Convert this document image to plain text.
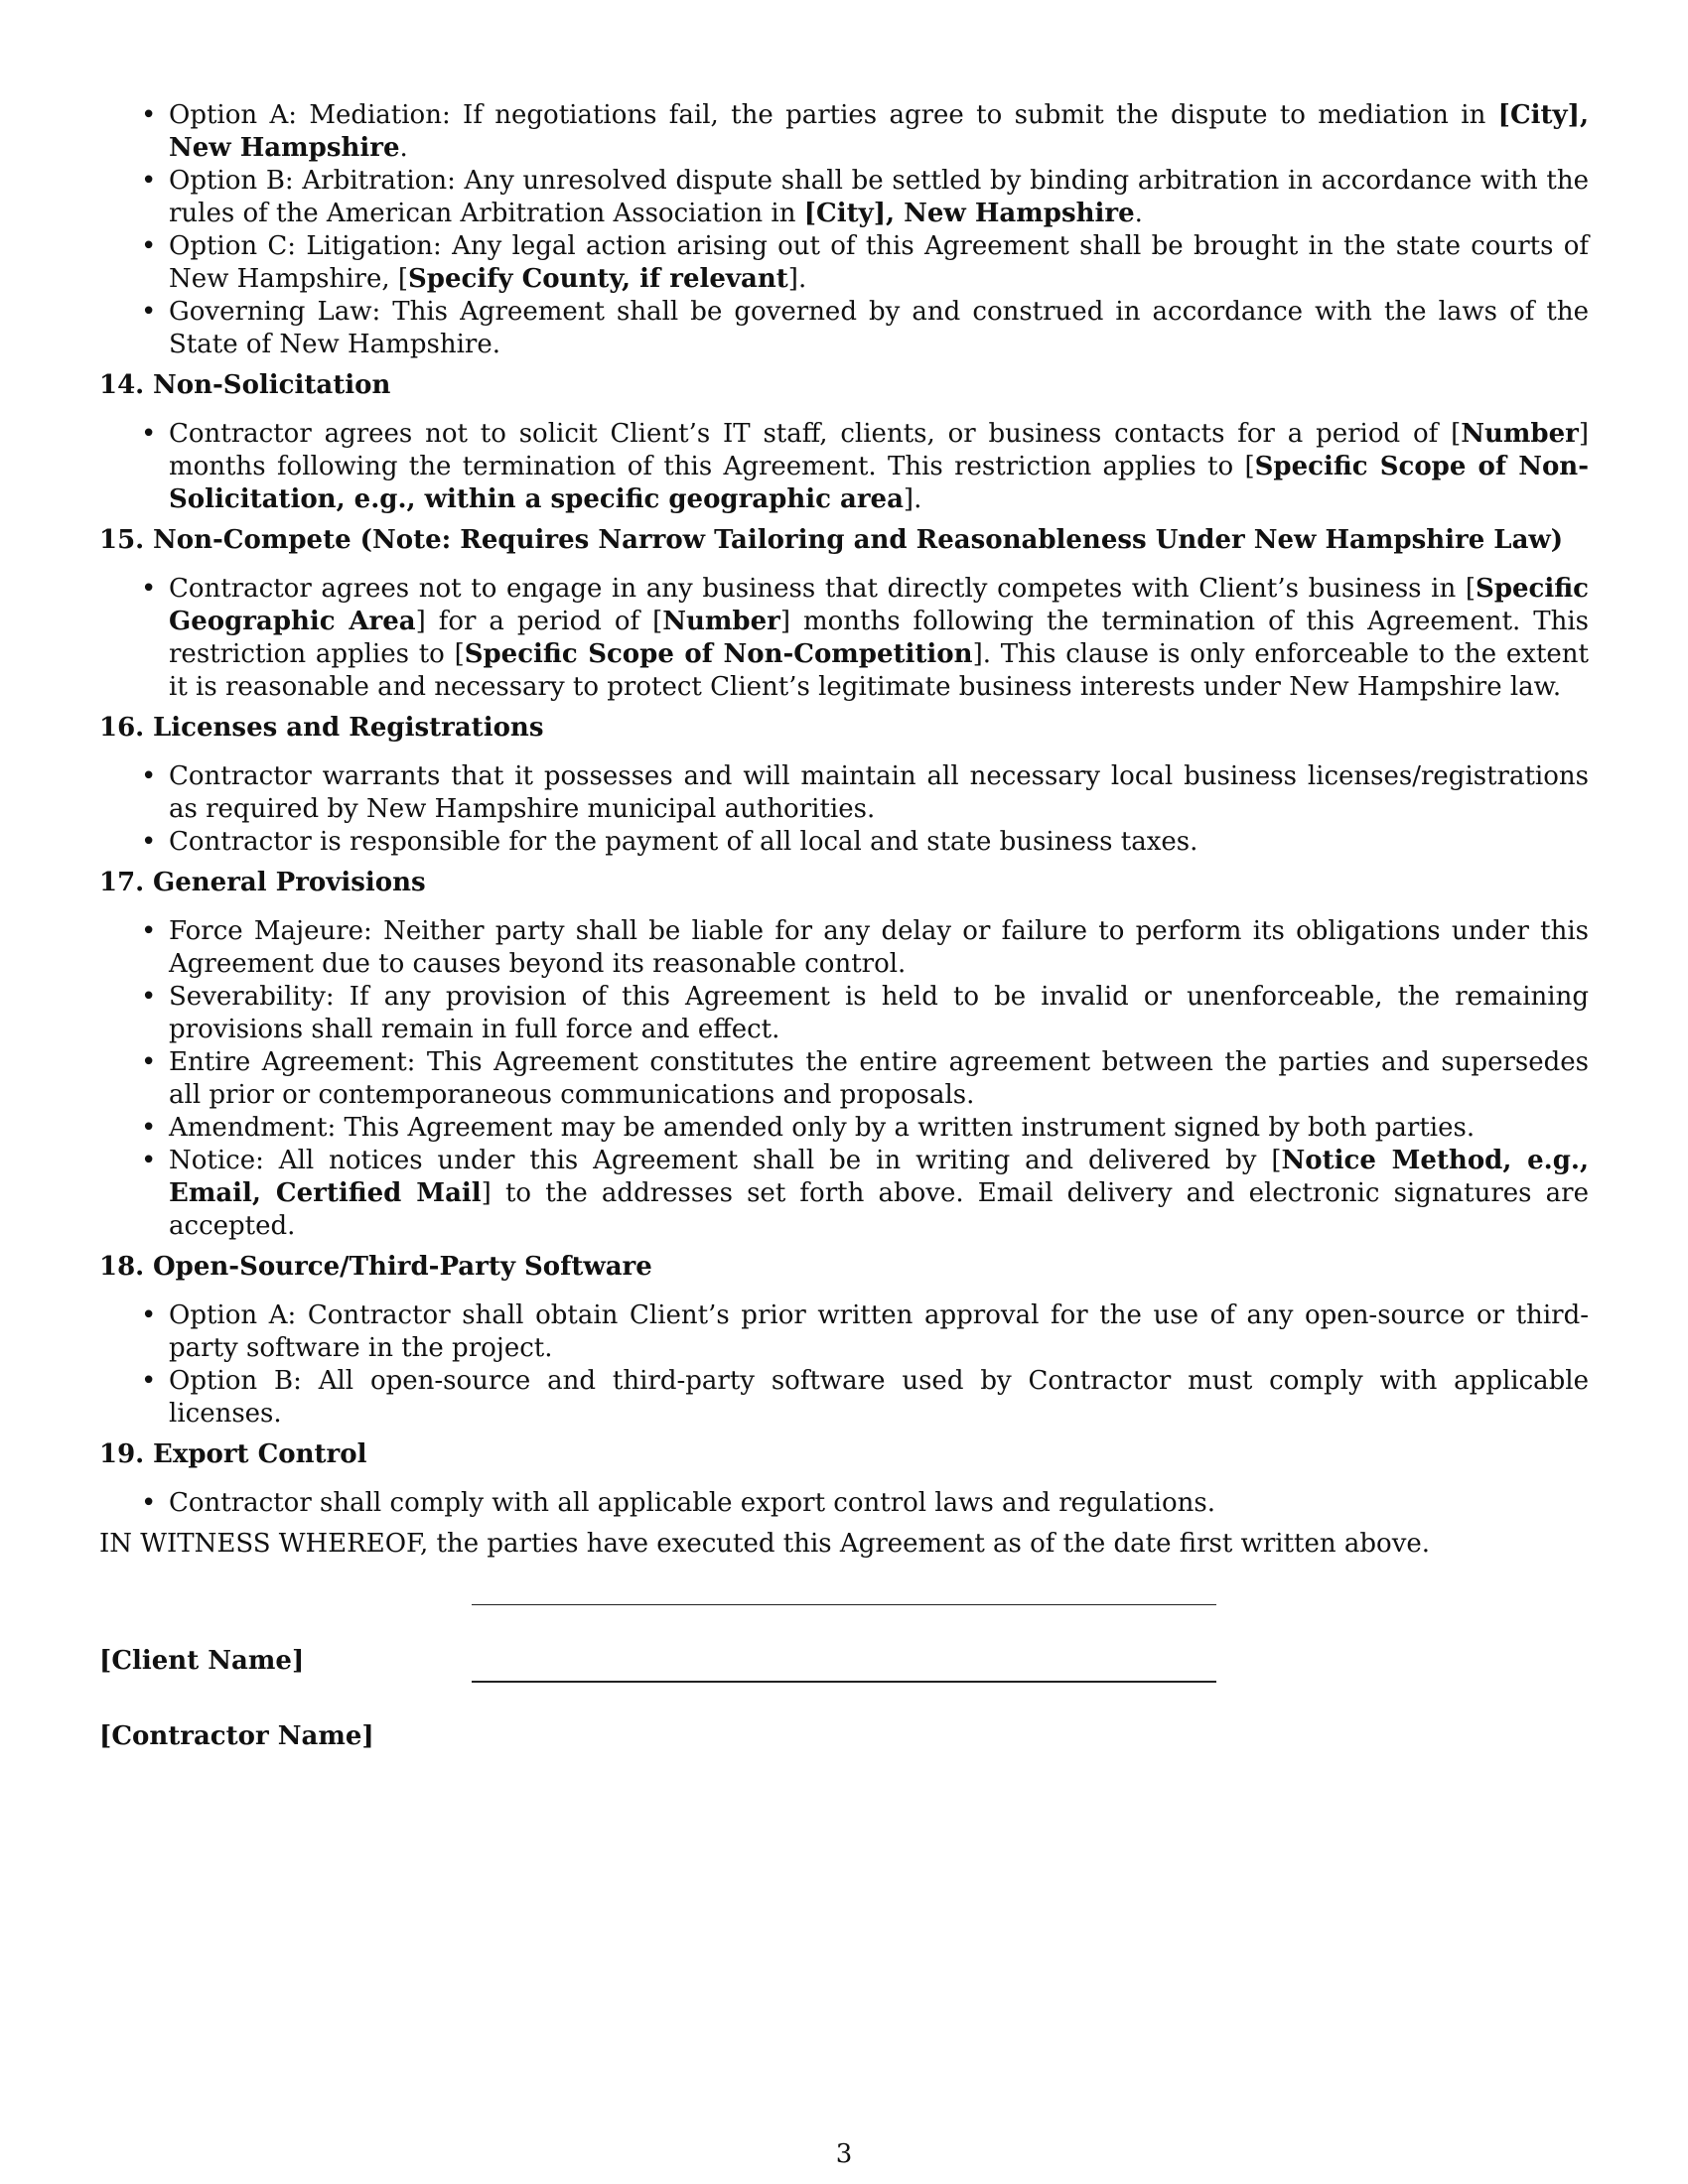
• Option A: Mediation: If negotiations fail, the parties agree to submit the dispute to mediation in [City], New Hampshire.
• Option B: Arbitration: Any unresolved dispute shall be settled by binding arbitration in accordance with the rules of the American Arbitration Association in [City], New Hampshire.
• Option C: Litigation: Any legal action arising out of this Agreement shall be brought in the state courts of New Hampshire, [Specify County, if relevant].
• Governing Law: This Agreement shall be governed by and construed in accordance with the laws of the State of New Hampshire.
14. Non-Solicitation
• Contractor agrees not to solicit Client’s IT staff, clients, or business contacts for a period of [Number] months following the termination of this Agreement. This restriction applies to [Specific Scope of Non-Solicitation, e.g., within a specific geographic area].
15. Non-Compete (Note: Requires Narrow Tailoring and Reasonableness Under New Hampshire Law)
• Contractor agrees not to engage in any business that directly competes with Client’s business in [Specific Geographic Area] for a period of [Number] months following the termination of this Agreement. This restriction applies to [Specific Scope of Non-Competition]. This clause is only enforceable to the extent it is reasonable and necessary to protect Client’s legitimate business interests under New Hampshire law.
16. Licenses and Registrations
• Contractor warrants that it possesses and will maintain all necessary local business licenses/registrations as required by New Hampshire municipal authorities.
• Contractor is responsible for the payment of all local and state business taxes.
17. General Provisions
• Force Majeure: Neither party shall be liable for any delay or failure to perform its obligations under this Agreement due to causes beyond its reasonable control.
• Severability: If any provision of this Agreement is held to be invalid or unenforceable, the remaining provisions shall remain in full force and effect.
• Entire Agreement: This Agreement constitutes the entire agreement between the parties and supersedes all prior or contemporaneous communications and proposals.
• Amendment: This Agreement may be amended only by a written instrument signed by both parties.
• Notice: All notices under this Agreement shall be in writing and delivered by [Notice Method, e.g., Email, Certified Mail] to the addresses set forth above. Email delivery and electronic signatures are accepted.
18. Open-Source/Third-Party Software
• Option A: Contractor shall obtain Client’s prior written approval for the use of any open-source or third-party software in the project.
• Option B: All open-source and third-party software used by Contractor must comply with applicable licenses.
19. Export Control
• Contractor shall comply with all applicable export control laws and regulations.
IN WITNESS WHEREOF, the parties have executed this Agreement as of the date first written above.
[Client Name]
[Contractor Name]
3
